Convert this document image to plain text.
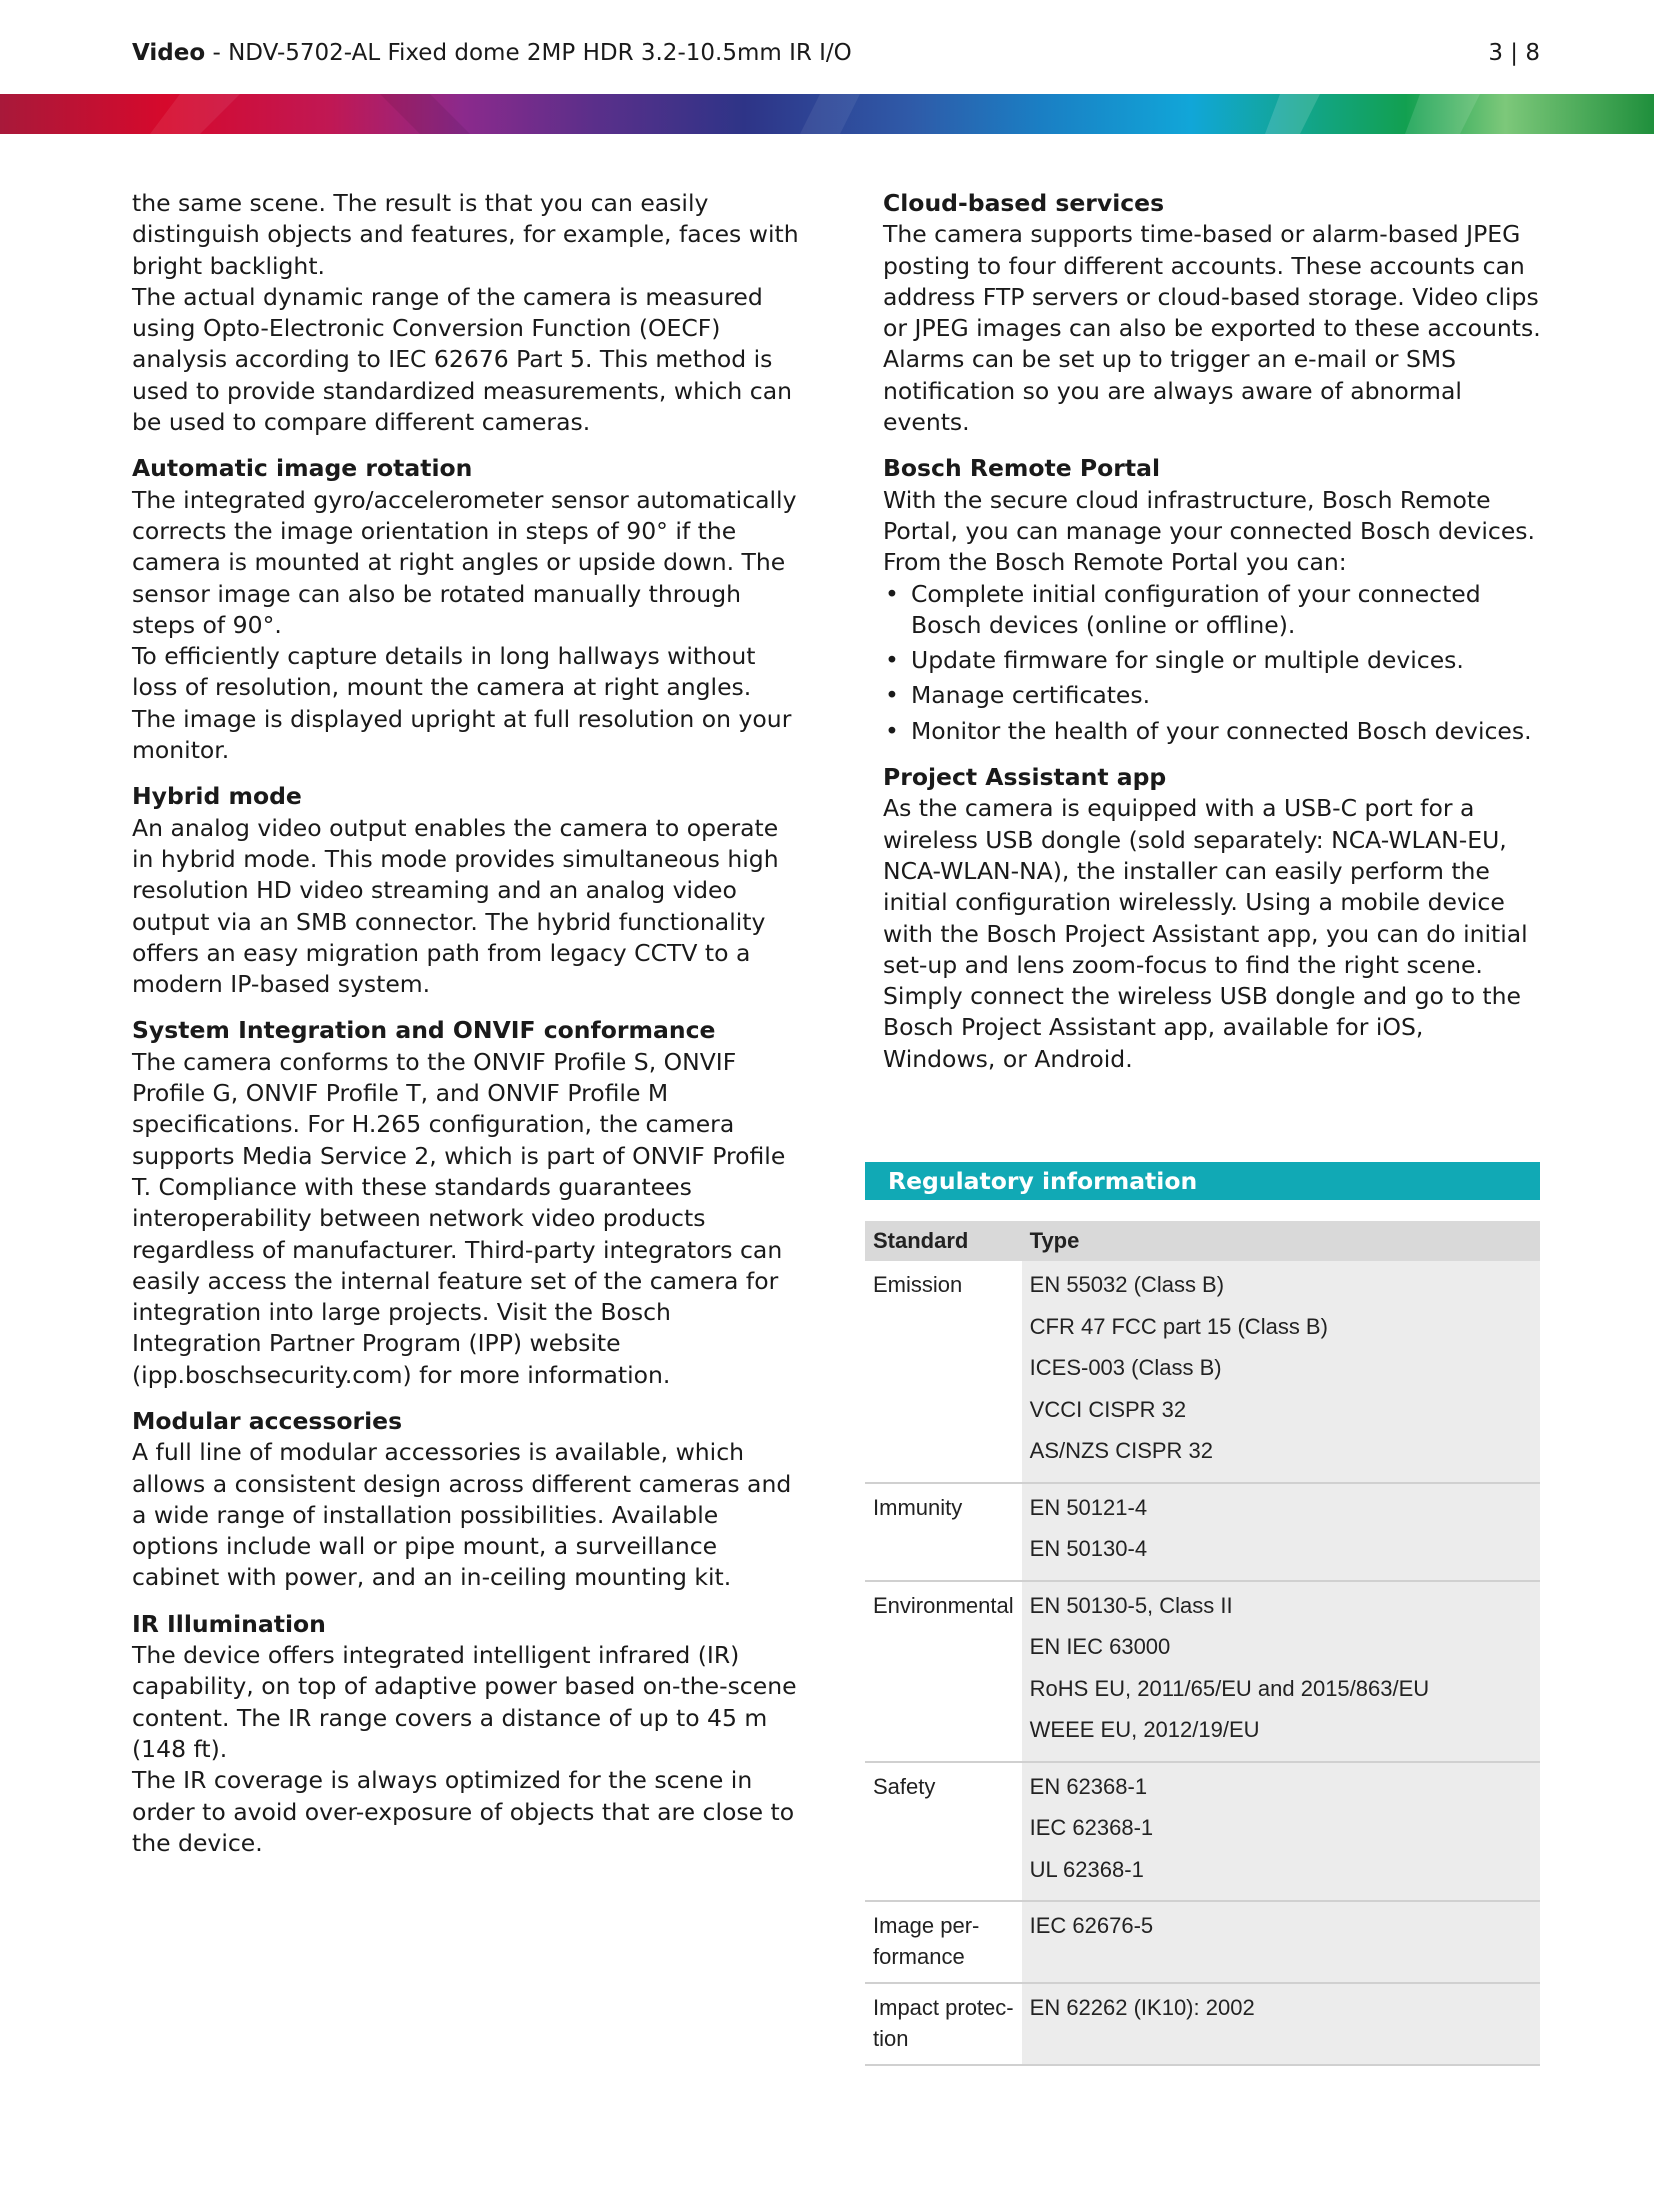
Video - NDV-5702-AL Fixed dome 2MP HDR 3.2-10.5mm IR I/O	3 | 8

the same scene. The result is that you can easily distinguish objects and features, for example, faces with bright backlight.

The actual dynamic range of the camera is measured using Opto-Electronic Conversion Function (OECF) analysis according to IEC 62676 Part 5. This method is used to provide standardized measurements, which can be used to compare different cameras.

Automatic image rotation

The integrated gyro/accelerometer sensor automatically corrects the image orientation in steps of 90° if the camera is mounted at right angles or upside down. The sensor image can also be rotated manually through steps of 90°.

To efficiently capture details in long hallways without loss of resolution, mount the camera at right angles. The image is displayed upright at full resolution on your monitor.

Hybrid mode

An analog video output enables the camera to operate in hybrid mode. This mode provides simultaneous high resolution HD video streaming and an analog video output via an SMB connector. The hybrid functionality offers an easy migration path from legacy CCTV to a modern IP-based system.

System Integration and ONVIF conformance

The camera conforms to the ONVIF Profile S, ONVIF Profile G, ONVIF Profile T, and ONVIF Profile M specifications. For H.265 configuration, the camera supports Media Service 2, which is part of ONVIF Profile T. Compliance with these standards guarantees interoperability between network video products regardless of manufacturer. Third-party integrators can easily access the internal feature set of the camera for integration into large projects. Visit the Bosch Integration Partner Program (IPP) website (ipp.boschsecurity.com) for more information.

Modular accessories

A full line of modular accessories is available, which allows a consistent design across different cameras and a wide range of installation possibilities. Available options include wall or pipe mount, a surveillance cabinet with power, and an in-ceiling mounting kit.

IR Illumination

The device offers integrated intelligent infrared (IR) capability, on top of adaptive power based on-the-scene content. The IR range covers a distance of up to 45 m (148 ft).

The IR coverage is always optimized for the scene in order to avoid over-exposure of objects that are close to the device.

Cloud-based services

The camera supports time-based or alarm-based JPEG posting to four different accounts. These accounts can address FTP servers or cloud-based storage. Video clips or JPEG images can also be exported to these accounts.

Alarms can be set up to trigger an e-mail or SMS notification so you are always aware of abnormal events.

Bosch Remote Portal

With the secure cloud infrastructure, Bosch Remote Portal, you can manage your connected Bosch devices. From the Bosch Remote Portal you can:

• Complete initial configuration of your connected Bosch devices (online or offline).
• Update firmware for single or multiple devices.
• Manage certificates.
• Monitor the health of your connected Bosch devices.
Project Assistant app

As the camera is equipped with a USB-C port for a wireless USB dongle (sold separately: NCA-WLAN-EU, NCA-WLAN-NA), the installer can easily perform the initial configuration wirelessly. Using a mobile device with the Bosch Project Assistant app, you can do initial set-up and lens zoom-focus to find the right scene. Simply connect the wireless USB dongle and go to the Bosch Project Assistant app, available for iOS, Windows, or Android.

Regulatory information
Standard	Type
Emission	EN 55032 (Class B)
CFR 47 FCC part 15 (Class B)
ICES-003 (Class B)
VCCI CISPR 32
AS/NZS CISPR 32

Immunity	EN 50121-4
EN 50130-4

Environmental	EN 50130-5, Class II
EN IEC 63000
RoHS EU, 2011/65/EU and 2015/863/EU
WEEE EU, 2012/19/EU

Safety	EN 62368-1
IEC 62368-1
UL 62368-1

Image per-
formance	IEC 62676-5

Impact protec-
tion	EN 62262 (IK10): 2002
